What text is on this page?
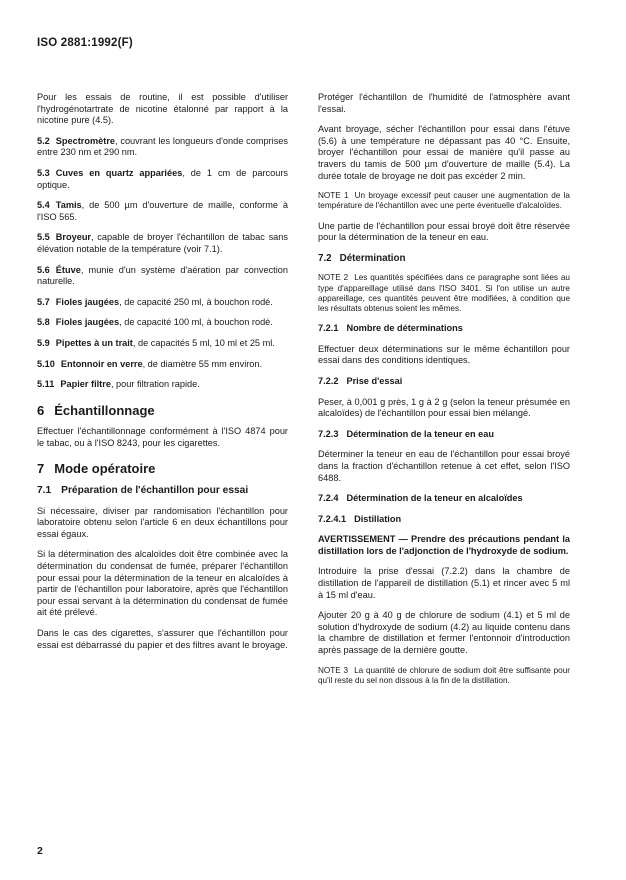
ISO 2881:1992(F)

Pour les essais de routine, il est possible d'utiliser l'hydrogénotartrate de nicotine étalonné par rapport à la nicotine pure (4.5).

5.2 Spectromètre, couvrant les longueurs d'onde comprises entre 230 nm et 290 nm.

5.3 Cuves en quartz appariées, de 1 cm de parcours optique.

5.4 Tamis, de 500 µm d'ouverture de maille, conforme à l'ISO 565.

5.5 Broyeur, capable de broyer l'échantillon de tabac sans élévation notable de la température (voir 7.1).

5.6 Étuve, munie d'un système d'aération par convection naturelle.

5.7 Fioles jaugées, de capacité 250 ml, à bouchon rodé.

5.8 Fioles jaugées, de capacité 100 ml, à bouchon rodé.

5.9 Pipettes à un trait, de capacités 5 ml, 10 ml et 25 ml.

5.10 Entonnoir en verre, de diamètre 55 mm environ.

5.11 Papier filtre, pour filtration rapide.

6 Échantillonnage

Effectuer l'échantillonnage conformément à l'ISO 4874 pour le tabac, ou à l'ISO 8243, pour les cigarettes.

7 Mode opératoire
7.1 Préparation de l'échantillon pour essai

Si nécessaire, diviser par randomisation l'échantillon pour laboratoire obtenu selon l'article 6 en deux échantillons pour essai égaux.

Si la détermination des alcaloïdes doit être combinée avec la détermination du condensat de fumée, préparer l'échantillon pour essai pour la détermination de la teneur en alcaloïdes à partir de l'échantillon pour laboratoire, après que l'échantillon pour essai servant à la détermination du condensat de fumée ait été prélevé.

Dans le cas des cigarettes, s'assurer que l'échantillon pour essai est débarrassé du papier et des filtres avant le broyage.

Protéger l'échantillon de l'humidité de l'atmosphère avant l'essai.

Avant broyage, sécher l'échantillon pour essai dans l'étuve (5.6) à une température ne dépassant pas 40 °C. Ensuite, broyer l'échantillon pour essai de manière qu'il passe au travers du tamis de 500 µm d'ouverture de maille (5.4). La durée totale de broyage ne doit pas excéder 2 min.

NOTE 1 Un broyage excessif peut causer une augmentation de la température de l'échantillon avec une perte éventuelle d'alcaloïdes.

Une partie de l'échantillon pour essai broyé doit être réservée pour la détermination de la teneur en eau.

7.2 Détermination
NOTE 2 Les quantités spécifiées dans ce paragraphe sont liées au type d'appareillage utilisé dans l'ISO 3401. Si l'on utilise un autre appareillage, ces quantités peuvent être modifiées, à condition que les résultats obtenus soient les mêmes.
7.2.1 Nombre de déterminations

Effectuer deux déterminations sur le même échantillon pour essai dans des conditions identiques.

7.2.2 Prise d'essai

Peser, à 0,001 g près, 1 g à 2 g (selon la teneur présumée en alcaloïdes) de l'échantillon pour essai bien mélangé.

7.2.3 Détermination de la teneur en eau

Déterminer la teneur en eau de l'échantillon pour essai broyé dans la fraction d'échantillon retenue à cet effet, selon l'ISO 6488.

7.2.4 Détermination de la teneur en alcaloïdes
7.2.4.1 Distillation

AVERTISSEMENT — Prendre des précautions pendant la distillation lors de l'adjonction de l'hydroxyde de sodium.

Introduire la prise d'essai (7.2.2) dans la chambre de distillation de l'appareil de distillation (5.1) et rincer avec 5 ml à 15 ml d'eau.

Ajouter 20 g à 40 g de chlorure de sodium (4.1) et 5 ml de solution d'hydroxyde de sodium (4.2) au liquide contenu dans la chambre de distillation et fermer l'entonnoir d'introduction après passage de la dernière goutte.

NOTE 3 La quantité de chlorure de sodium doit être suffisante pour qu'il reste du sel non dissous à la fin de la distillation.
2
